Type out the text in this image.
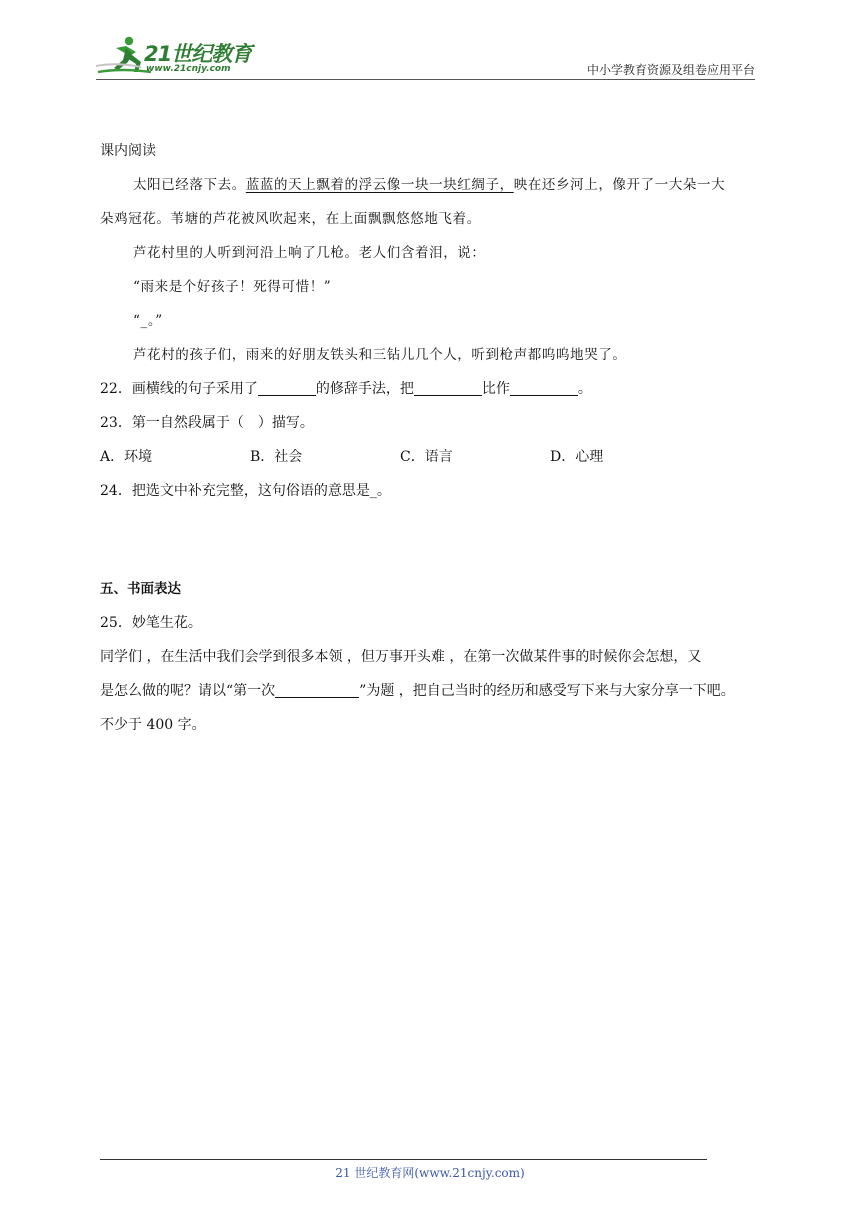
21世纪教育
www.21cnjy.com	中小学教育资源及组卷应用平台
课内阅读
太阳已经落下去。蓝蓝的天上飘着的浮云像一块一块红绸子，映在还乡河上，像开了一大朵一大
朵鸡冠花。苇塘的芦花被风吹起来，在上面飘飘悠悠地飞着。
芦花村里的人听到河沿上响了几枪。老人们含着泪，说：
“雨来是个好孩子！死得可惜！”
“_。”
芦花村的孩子们，雨来的好朋友铁头和三钻儿几个人，听到枪声都呜呜地哭了。
22．画横线的句子采用了	的修辞手法，把	比作	。
23．第一自然段属于（　）描写。
A．环境	B．社会	C．语言	D．心理
24．把选文中补充完整，这句俗语的意思是_。
五、书面表达
25．妙笔生花。
同学们 ，在生活中我们会学到很多本领 ，但万事开头难 ，在第一次做某件事的时候你会怎想，又
是怎么做的呢？请以“第一次	”为题 ，把自己当时的经历和感受写下来与大家分享一下吧。
不少于 400 字。
21 世纪教育网(www.21cnjy.com)
